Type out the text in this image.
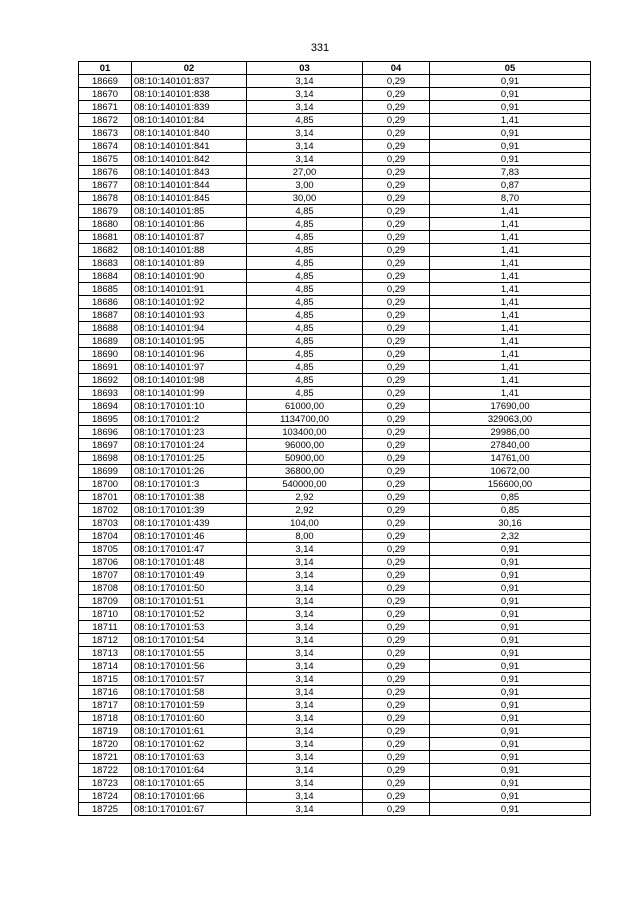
331
01	02	03	04	05
18669	08:10:140101:837	3,14	0,29	0,91
18670	08:10:140101:838	3,14	0,29	0,91
18671	08:10:140101:839	3,14	0,29	0,91
18672	08:10:140101:84	4,85	0,29	1,41
18673	08:10:140101:840	3,14	0,29	0,91
18674	08:10:140101:841	3,14	0,29	0,91
18675	08:10:140101:842	3,14	0,29	0,91
18676	08:10:140101:843	27,00	0,29	7,83
18677	08:10:140101:844	3,00	0,29	0,87
18678	08:10:140101:845	30,00	0,29	8,70
18679	08:10:140101:85	4,85	0,29	1,41
18680	08:10:140101:86	4,85	0,29	1,41
18681	08:10:140101:87	4,85	0,29	1,41
18682	08:10:140101:88	4,85	0,29	1,41
18683	08:10:140101:89	4,85	0,29	1,41
18684	08:10:140101:90	4,85	0,29	1,41
18685	08:10:140101:91	4,85	0,29	1,41
18686	08:10:140101:92	4,85	0,29	1,41
18687	08:10:140101:93	4,85	0,29	1,41
18688	08:10:140101:94	4,85	0,29	1,41
18689	08:10:140101:95	4,85	0,29	1,41
18690	08:10:140101:96	4,85	0,29	1,41
18691	08:10:140101:97	4,85	0,29	1,41
18692	08:10:140101:98	4,85	0,29	1,41
18693	08:10:140101:99	4,85	0,29	1,41
18694	08:10:170101:10	61000,00	0,29	17690,00
18695	08:10:170101:2	1134700,00	0,29	329063,00
18696	08:10:170101:23	103400,00	0,29	29986,00
18697	08:10:170101:24	96000,00	0,29	27840,00
18698	08:10:170101:25	50900,00	0,29	14761,00
18699	08:10:170101:26	36800,00	0,29	10672,00
18700	08:10:170101:3	540000,00	0,29	156600,00
18701	08:10:170101:38	2,92	0,29	0,85
18702	08:10:170101:39	2,92	0,29	0,85
18703	08:10:170101:439	104,00	0,29	30,16
18704	08:10:170101:46	8,00	0,29	2,32
18705	08:10:170101:47	3,14	0,29	0,91
18706	08:10:170101:48	3,14	0,29	0,91
18707	08:10:170101:49	3,14	0,29	0,91
18708	08:10:170101:50	3,14	0,29	0,91
18709	08:10:170101:51	3,14	0,29	0,91
18710	08:10:170101:52	3,14	0,29	0,91
18711	08:10:170101:53	3,14	0,29	0,91
18712	08:10:170101:54	3,14	0,29	0,91
18713	08:10:170101:55	3,14	0,29	0,91
18714	08:10:170101:56	3,14	0,29	0,91
18715	08:10:170101:57	3,14	0,29	0,91
18716	08:10:170101:58	3,14	0,29	0,91
18717	08:10:170101:59	3,14	0,29	0,91
18718	08:10:170101:60	3,14	0,29	0,91
18719	08:10:170101:61	3,14	0,29	0,91
18720	08:10:170101:62	3,14	0,29	0,91
18721	08:10:170101:63	3,14	0,29	0,91
18722	08:10:170101:64	3,14	0,29	0,91
18723	08:10:170101:65	3,14	0,29	0,91
18724	08:10:170101:66	3,14	0,29	0,91
18725	08:10:170101:67	3,14	0,29	0,91
